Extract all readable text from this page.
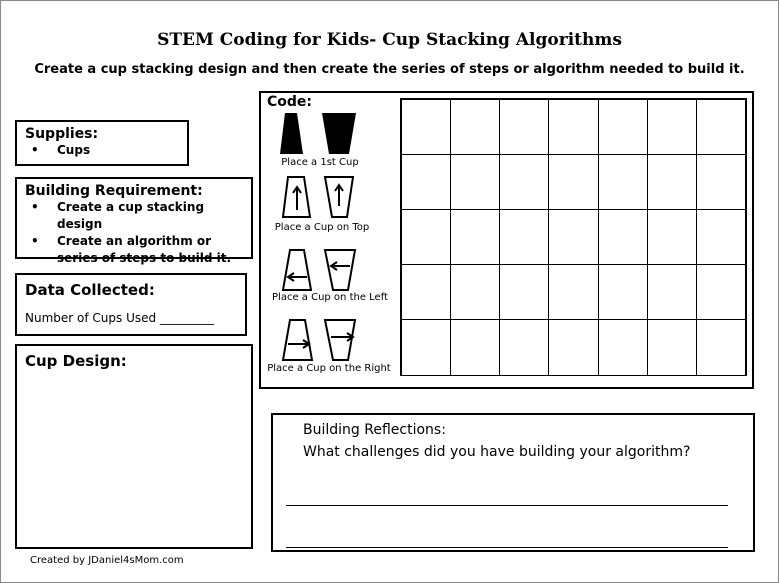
STEM Coding for Kids- Cup Stacking Algorithms
Create a cup stacking design and then create the series of steps or algorithm needed to build it.
Supplies:
• Cups
Building Requirement:
• Create a cup stacking design
• Create an algorithm or series of steps to build it.
Data Collected:
Number of Cups Used _________
Cup Design:
Code:
Place a 1st Cup
Place a Cup on Top
Place a Cup on the Left
Place a Cup on the Right
Building Reflections:
What challenges did you have building your algorithm?
Created by JDaniel4sMom.com
